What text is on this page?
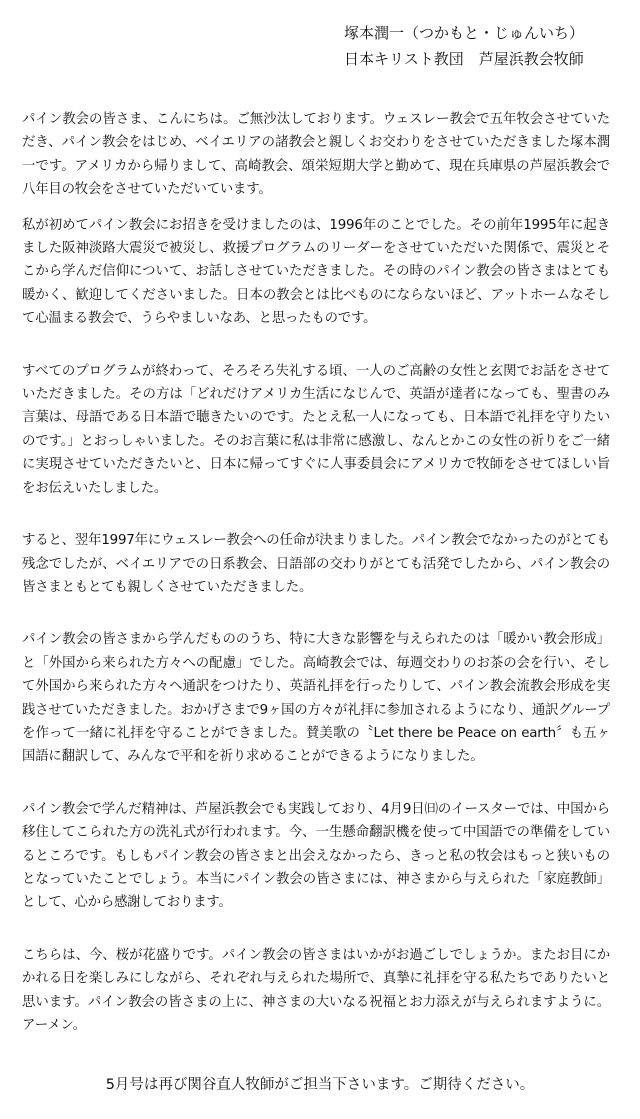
塚本潤一（つかもと・じゅんいち）
日本キリスト教団　芦屋浜教会牧師

パイン教会の皆さま、こんにちは。ご無沙汰しております。ウェスレー教会で五年牧会させていただき、パイン教会をはじめ、ベイエリアの諸教会と親しくお交わりをさせていただきました塚本潤一です。アメリカから帰りまして、高崎教会、頌栄短期大学と勤めて、現在兵庫県の芦屋浜教会で八年目の牧会をさせていただいています。

私が初めてパイン教会にお招きを受けましたのは、1996年のことでした。その前年1995年に起きました阪神淡路大震災で被災し、救援プログラムのリーダーをさせていただいた関係で、震災とそこから学んだ信仰について、お話しさせていただきました。その時のパイン教会の皆さまはとても暖かく、歓迎してくださいました。日本の教会とは比べものにならないほど、アットホームなそして心温まる教会で、うらやましいなあ、と思ったものです。

すべてのプログラムが終わって、そろそろ失礼する頃、一人のご高齢の女性と玄関でお話をさせていただきました。その方は「どれだけアメリカ生活になじんで、英語が達者になっても、聖書のみ言葉は、母語である日本語で聴きたいのです。たとえ私一人になっても、日本語で礼拝を守りたいのです。」とおっしゃいました。そのお言葉に私は非常に感激し、なんとかこの女性の祈りをご一緒に実現させていただきたいと、日本に帰ってすぐに人事委員会にアメリカで牧師をさせてほしい旨をお伝えいたしました。

すると、翌年1997年にウェスレー教会への任命が決まりました。パイン教会でなかったのがとても残念でしたが、ベイエリアでの日系教会、日語部の交わりがとても活発でしたから、パイン教会の皆さまともとても親しくさせていただきました。

パイン教会の皆さまから学んだもののうち、特に大きな影響を与えられたのは「暖かい教会形成」と「外国から来られた方々への配慮」でした。高崎教会では、毎週交わりのお茶の会を行い、そして外国から来られた方々へ通訳をつけたり、英語礼拝を行ったりして、パイン教会流教会形成を実践させていただきました。おかげさまで9ヶ国の方々が礼拝に参加されるようになり、通訳グループを作って一緒に礼拝を守ることができました。賛美歌の〝Let there be Peace on earth〞も五ヶ国語に翻訳して、みんなで平和を祈り求めることができるようになりました。

パイン教会で学んだ精神は、芦屋浜教会でも実践しており、4月9日㈰のイースターでは、中国から移住してこられた方の洗礼式が行われます。今、一生懸命翻訳機を使って中国語での準備をしているところです。もしもパイン教会の皆さまと出会えなかったら、きっと私の牧会はもっと狭いものとなっていたことでしょう。本当にパイン教会の皆さまには、神さまから与えられた「家庭教師」として、心から感謝しております。

こちらは、今、桜が花盛りです。パイン教会の皆さまはいかがお過ごしでしょうか。またお目にかかれる日を楽しみにしながら、それぞれ与えられた場所で、真摯に礼拝を守る私たちでありたいと思います。パイン教会の皆さまの上に、神さまの大いなる祝福とお力添えが与えられますように。アーメン。

5月号は再び関谷直人牧師がご担当下さいます。ご期待ください。
